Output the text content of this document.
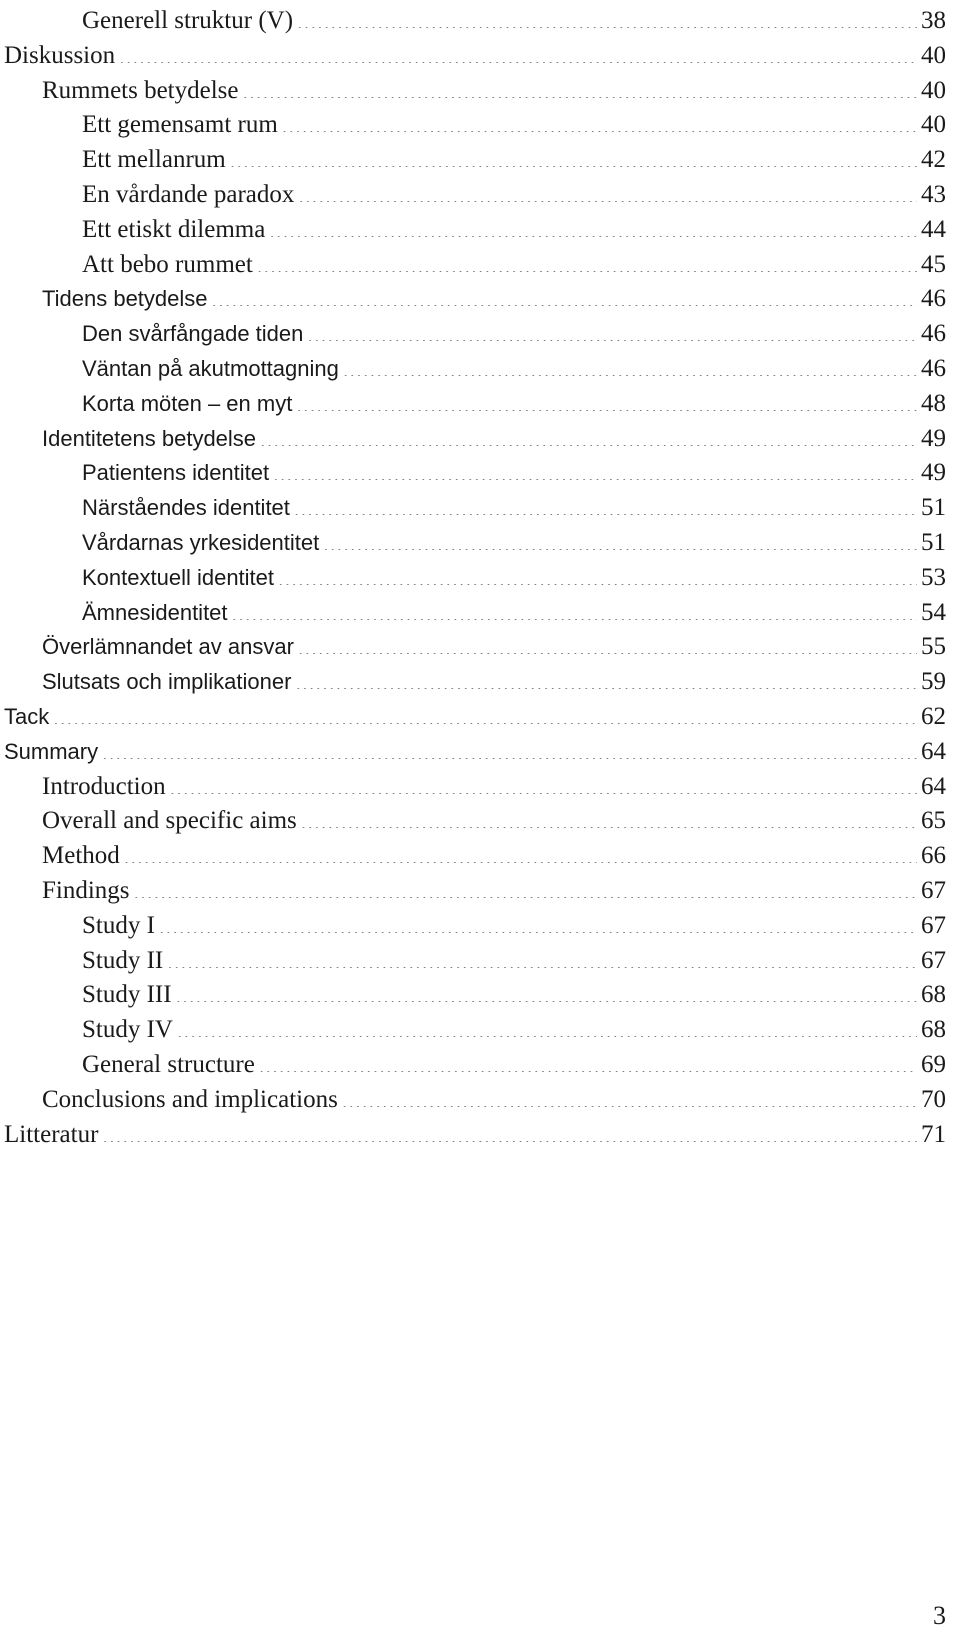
Generell struktur (V) .....	38
Diskussion .....	40
Rummets betydelse .....	40
Ett gemensamt rum .....	40
Ett mellanrum .....	42
En vårdande paradox .....	43
Ett etiskt dilemma .....	44
Att bebo rummet .....	45
Tidens betydelse .....	46
Den svårfångade tiden .....	46
Väntan på akutmottagning .....	46
Korta möten – en myt .....	48
Identitetens betydelse .....	49
Patientens identitet .....	49
Närståendes identitet .....	51
Vårdarnas yrkesidentitet .....	51
Kontextuell identitet .....	53
Ämnesidentitet .....	54
Överlämnandet av ansvar .....	55
Slutsats och implikationer .....	59
Tack .....	62
Summary .....	64
Introduction .....	64
Overall and specific aims .....	65
Method .....	66
Findings .....	67
Study I .....	67
Study II .....	67
Study III .....	68
Study IV .....	68
General structure .....	69
Conclusions and implications .....	70
Litteratur .....	71
3
